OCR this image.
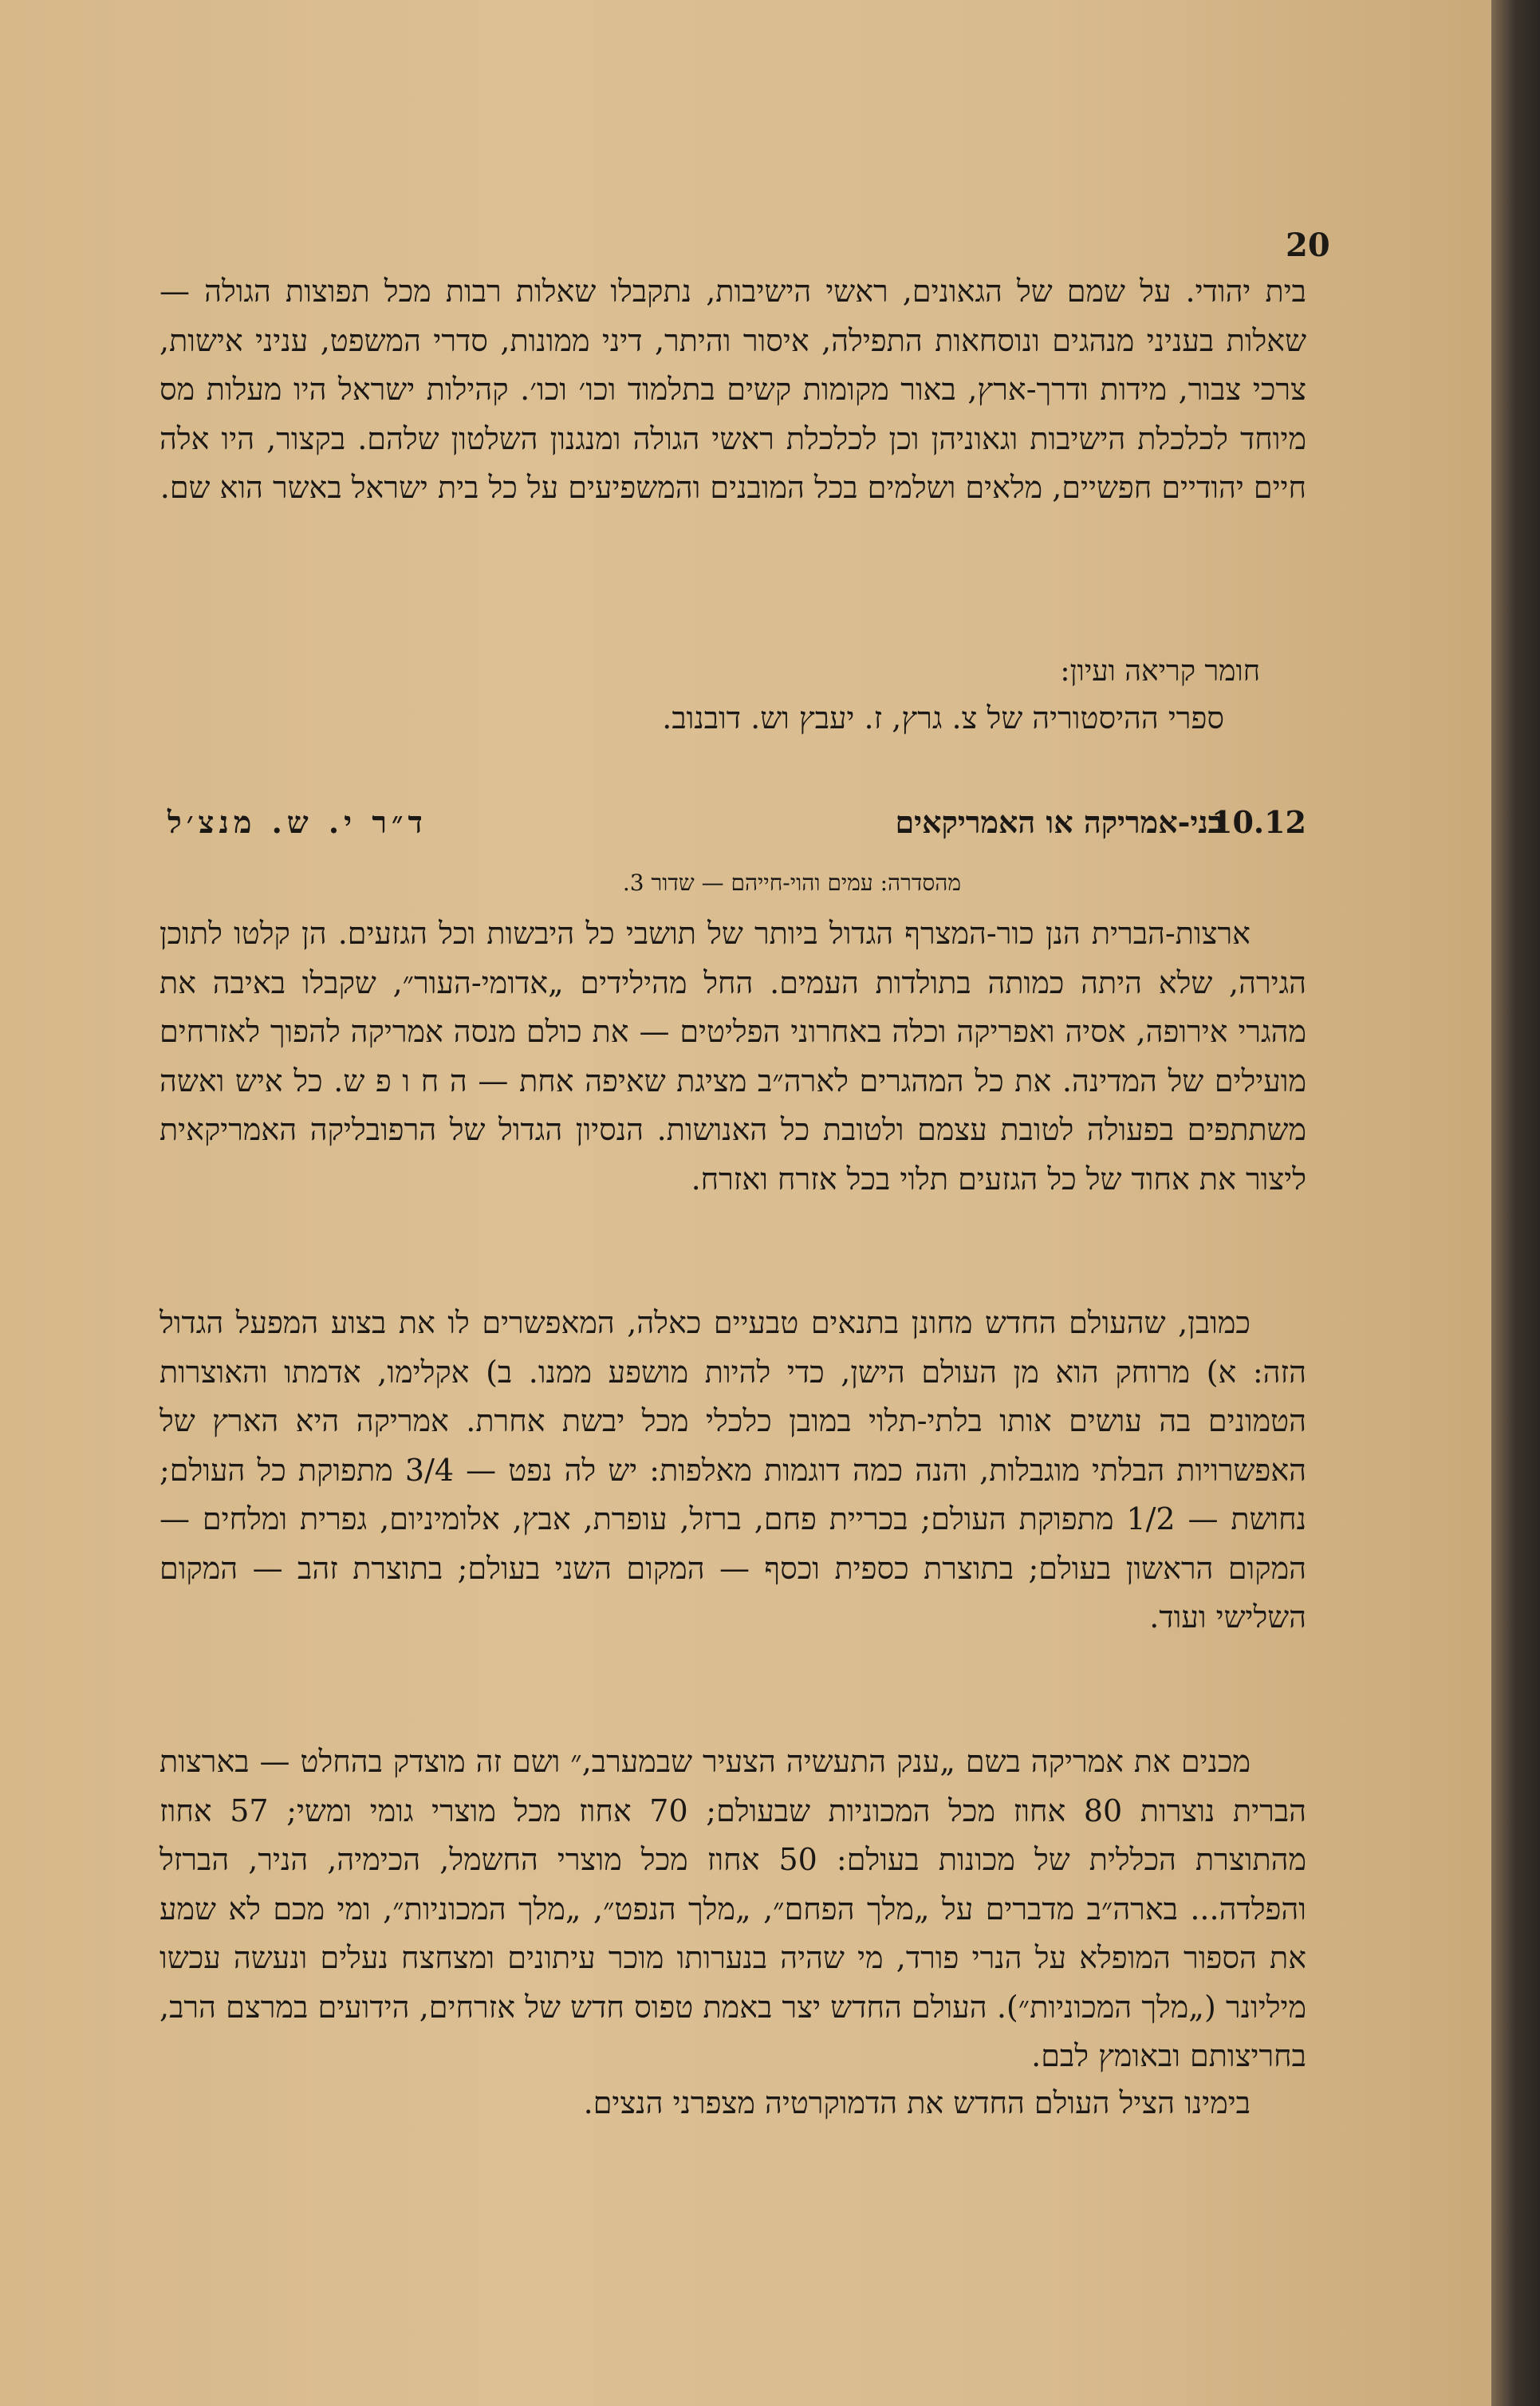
20

בית יהודי. על שמם של הגאונים, ראשי הישיבות, נתקבלו שאלות רבות מכל תפוצות הגולה — שאלות בעניני מנהגים ונוסחאות התפילה, איסור והיתר, דיני ממונות, סדרי המשפט, עניני אישות, צרכי צבור, מידות ודרך-ארץ, באור מקומות קשים בתלמוד וכו׳ וכו׳. קהילות ישראל היו מעלות מס מיוחד לכלכלת הישיבות וגאוניהן וכן לכלכלת ראשי הגולה ומנגנון השלטון שלהם. בקצור, היו אלה חיים יהודיים חפשיים, מלאים ושלמים בכל המובנים והמשפיעים על כל בית ישראל באשר הוא שם.

חומר קריאה ועיון:
ספרי ההיסטוריה של צ. גרץ, ז. יעבץ וש. דובנוב.
10.12
בני-אמריקה או האמריקאים
ד״ר י. ש. מנצ׳ל
מהסדרה: עמים והוי-חייהם — שדור 3.

ארצות-הברית הנן כור-המצרף הגדול ביותר של תושבי כל היבשות וכל הגזעים. הן קלטו לתוכן הגירה, שלא היתה כמותה בתולדות העמים. החל מהילידים „אדומי-העור״, שקבלו באיבה את מהגרי אירופה, אסיה ואפריקה וכלה באחרוני הפליטים — את כולם מנסה אמריקה להפוך לאזרחים מועילים של המדינה. את כל המהגרים לארה״ב מציגת שאיפה אחת — ה ח ו פ ש. כל איש ואשה משתתפים בפעולה לטובת עצמם ולטובת כל האנושות. הנסיון הגדול של הרפובליקה האמריקאית ליצור את אחוד של כל הגזעים תלוי בכל אזרח ואזרח.

כמובן, שהעולם החדש מחונן בתנאים טבעיים כאלה, המאפשרים לו את בצוע המפעל הגדול הזה: א) מרוחק הוא מן העולם הישן, כדי להיות מושפע ממנו. ב) אקלימו, אדמתו והאוצרות הטמונים בה עושים אותו בלתי-תלוי במובן כלכלי מכל יבשת אחרת. אמריקה היא הארץ של האפשרויות הבלתי מוגבלות, והנה כמה דוגמות מאלפות: יש לה נפט — 3/4 מתפוקת כל העולם; נחושת — 1/2 מתפוקת העולם; בכריית פחם, ברזל, עופרת, אבץ, אלומיניום, גפרית ומלחים — המקום הראשון בעולם; בתוצרת כספית וכסף — המקום השני בעולם; בתוצרת זהב — המקום השלישי ועוד.

מכנים את אמריקה בשם „ענק התעשיה הצעיר שבמערב,״ ושם זה מוצדק בהחלט — בארצות הברית נוצרות 80 אחוז מכל המכוניות שבעולם; 70 אחוז מכל מוצרי גומי ומשי; 57 אחוז מהתוצרת הכללית של מכונות בעולם: 50 אחוז מכל מוצרי החשמל, הכימיה, הניר, הברזל והפלדה... בארה״ב מדברים על „מלך הפחם״, „מלך הנפט״, „מלך המכוניות״, ומי מכם לא שמע את הספור המופלא על הנרי פורד, מי שהיה בנערותו מוכר עיתונים ומצחצח נעלים ונעשה עכשו מיליונר („מלך המכוניות״). העולם החדש יצר באמת טפוס חדש של אזרחים, הידועים במרצם הרב, בחריצותם ובאומץ לבם.

בימינו הציל העולם החדש את הדמוקרטיה מצפרני הנצים.
